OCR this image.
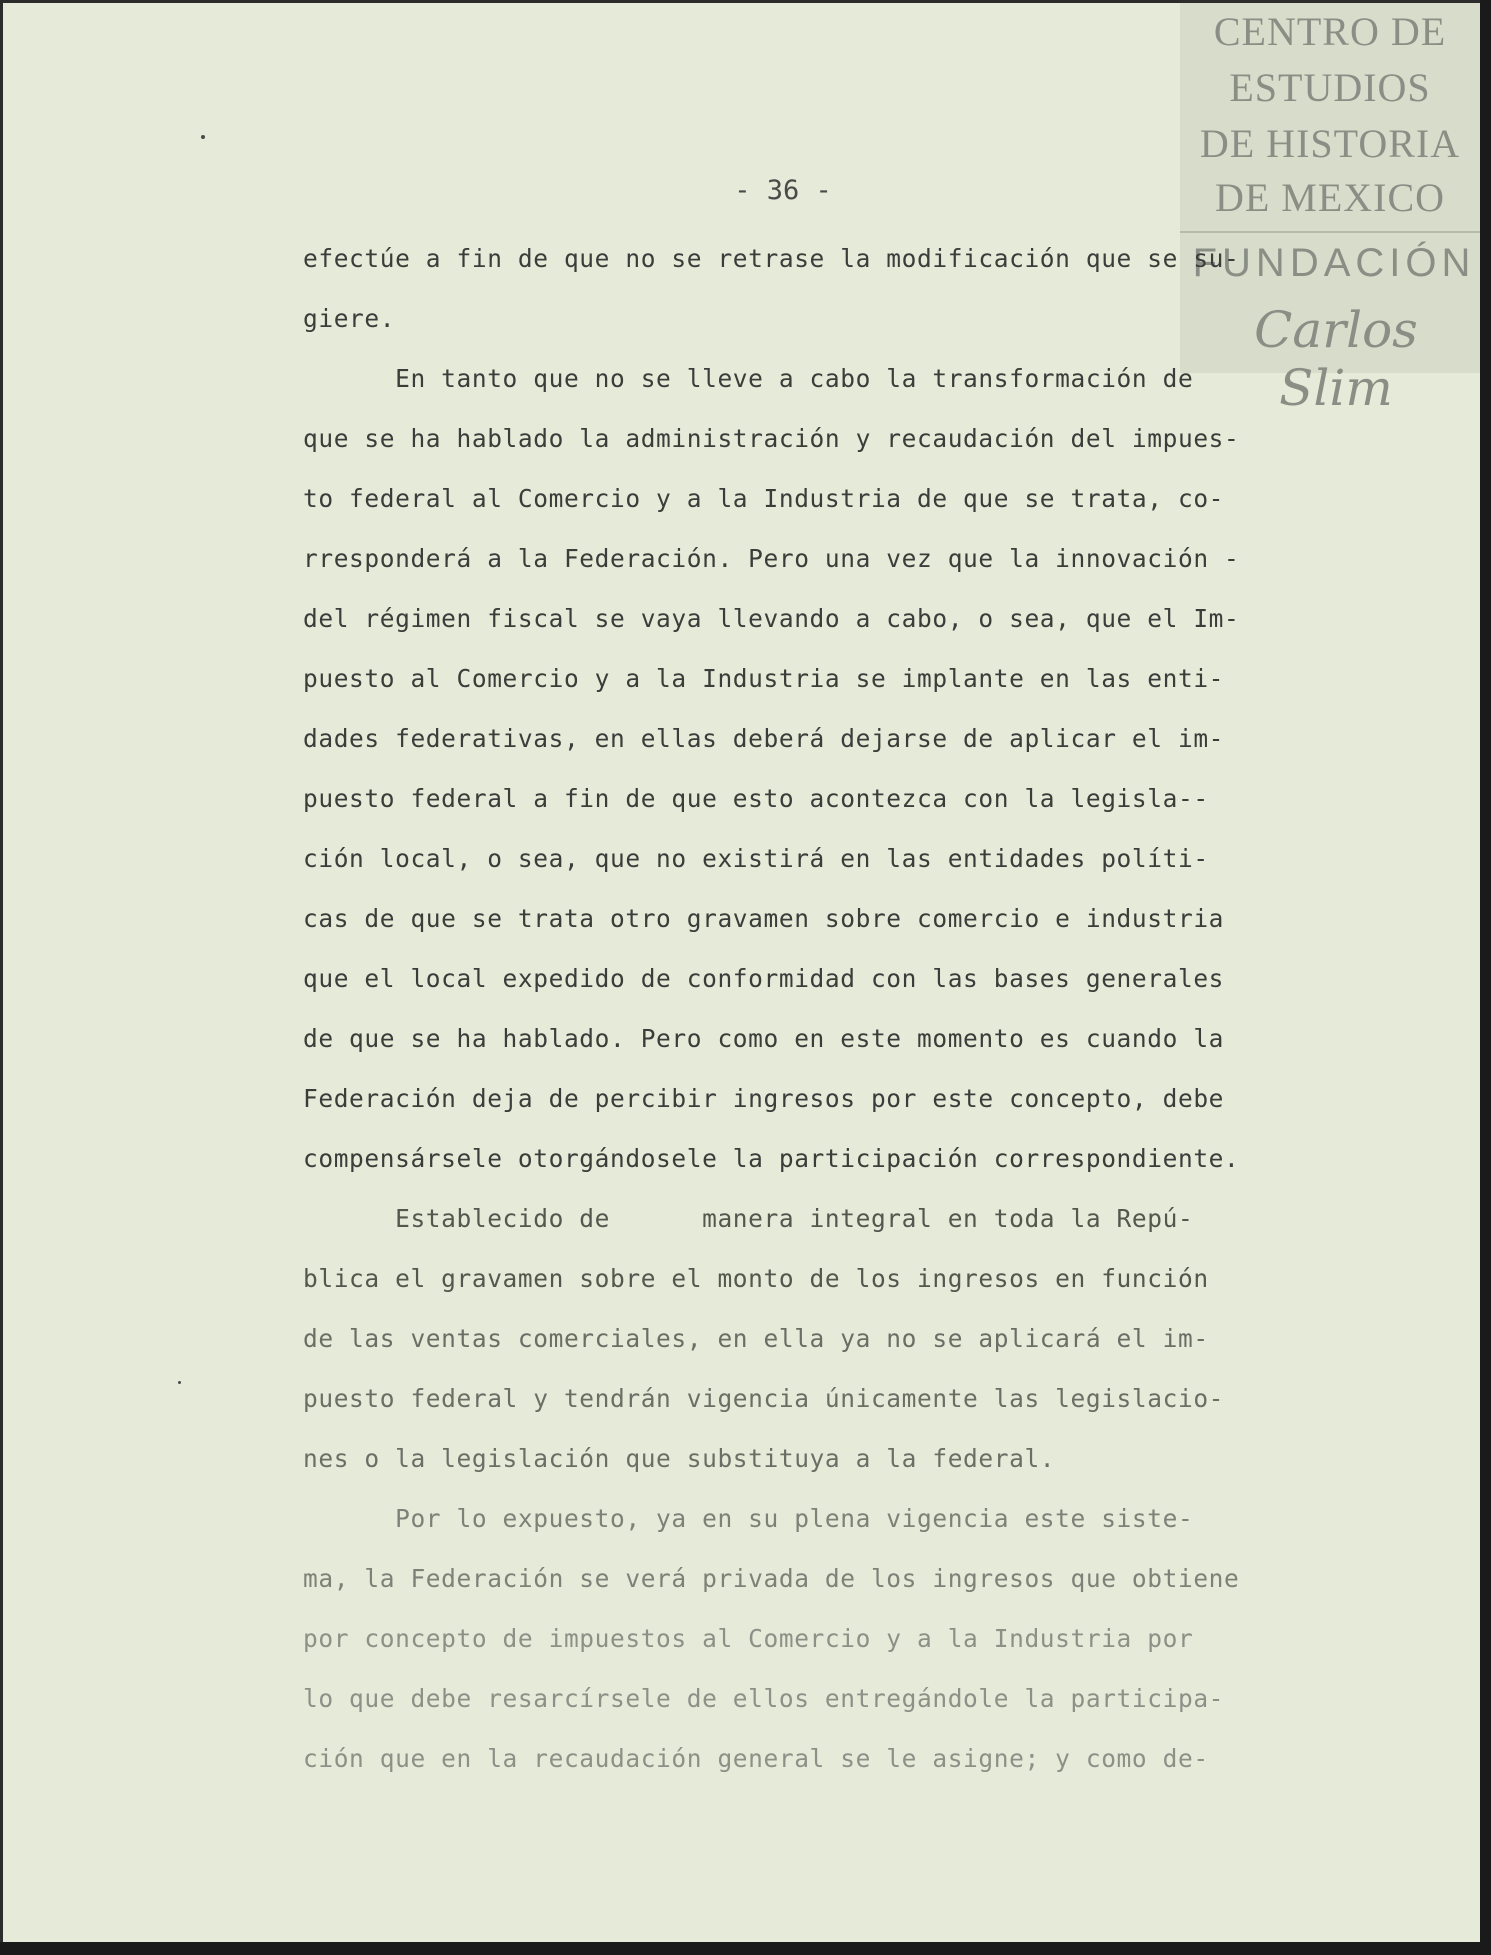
CENTRO DE
ESTUDIOS
DE HISTORIA
DE MEXICO
FUNDACIÓN
Carlos Slim
- 36 -
efectúe a fin de que no se retrase la modificación que se su-
giere.
En tanto que no se lleve a cabo la transformación de
que se ha hablado la administración y recaudación del impues-
to federal al Comercio y a la Industria de que se trata, co-
rresponderá a la Federación. Pero una vez que la innovación -
del régimen fiscal se vaya llevando a cabo, o sea, que el Im-
puesto al Comercio y a la Industria se implante en las enti-
dades federativas, en ellas deberá dejarse de aplicar el im-
puesto federal a fin de que esto acontezca con la legisla--
ción local, o sea, que no existirá en las entidades políti-
cas de que se trata otro gravamen sobre comercio e industria
que el local expedido de conformidad con las bases generales
de que se ha hablado. Pero como en este momento es cuando la
Federación deja de percibir ingresos por este concepto, debe
compensársele otorgándosele la participación correspondiente.
Establecido de      manera integral en toda la Repú-
blica el gravamen sobre el monto de los ingresos en función
de las ventas comerciales, en ella ya no se aplicará el im-
puesto federal y tendrán vigencia únicamente las legislacio-
nes o la legislación que substituya a la federal.
Por lo expuesto, ya en su plena vigencia este siste-
ma, la Federación se verá privada de los ingresos que obtiene
por concepto de impuestos al Comercio y a la Industria por
lo que debe resarcírsele de ellos entregándole la participa-
ción que en la recaudación general se le asigne; y como de-
